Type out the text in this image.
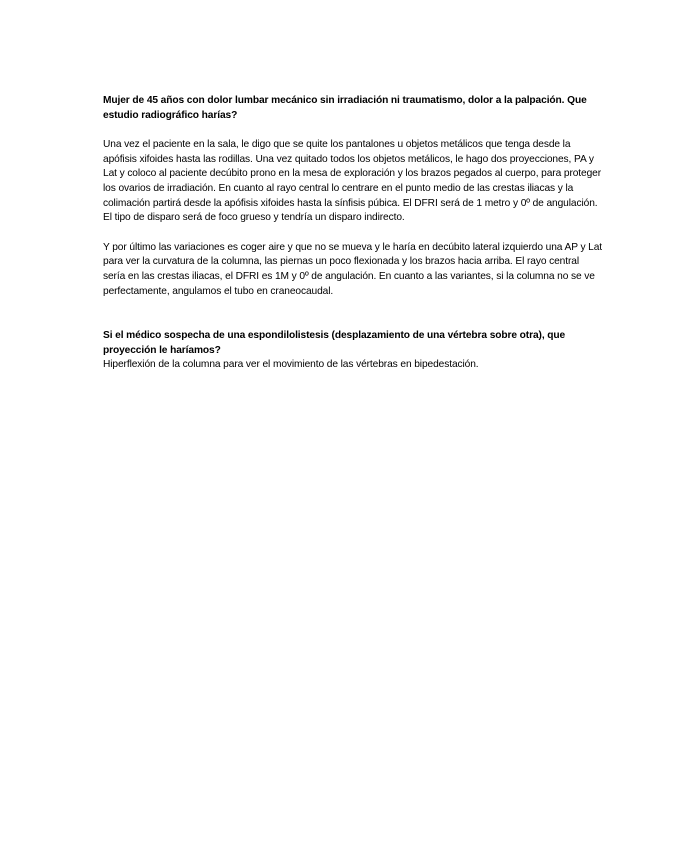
Mujer de 45 años con dolor lumbar mecánico sin irradiación ni traumatismo, dolor a la palpación. Que estudio radiográfico harías?

Una vez el paciente en la sala, le digo que se quite los pantalones u objetos metálicos que tenga desde la apófisis xifoides hasta las rodillas. Una vez quitado todos los objetos metálicos, le hago dos proyecciones, PA y Lat y coloco al paciente decúbito prono en la mesa de exploración y los brazos pegados al cuerpo, para proteger los ovarios de irradiación. En cuanto al rayo central lo centrare en el punto medio de las crestas iliacas y la colimación partirá desde la apófisis xifoides hasta la sínfisis púbica. El DFRI será de 1 metro y 0º de angulación. El tipo de disparo será de foco grueso y tendría un disparo indirecto.

Y por último las variaciones es coger aire y que no se mueva y le haría en decúbito lateral izquierdo una AP y Lat para ver la curvatura de la columna, las piernas un poco flexionada y los brazos hacia arriba. El rayo central sería en las crestas iliacas, el DFRI es 1M y 0º de angulación. En cuanto a las variantes, si la columna no se ve perfectamente, angulamos el tubo en craneocaudal.

Si el médico sospecha de una espondilolistesis (desplazamiento de una vértebra sobre otra), que proyección le haríamos?

Hiperflexión de la columna para ver el movimiento de las vértebras en bipedestación.
